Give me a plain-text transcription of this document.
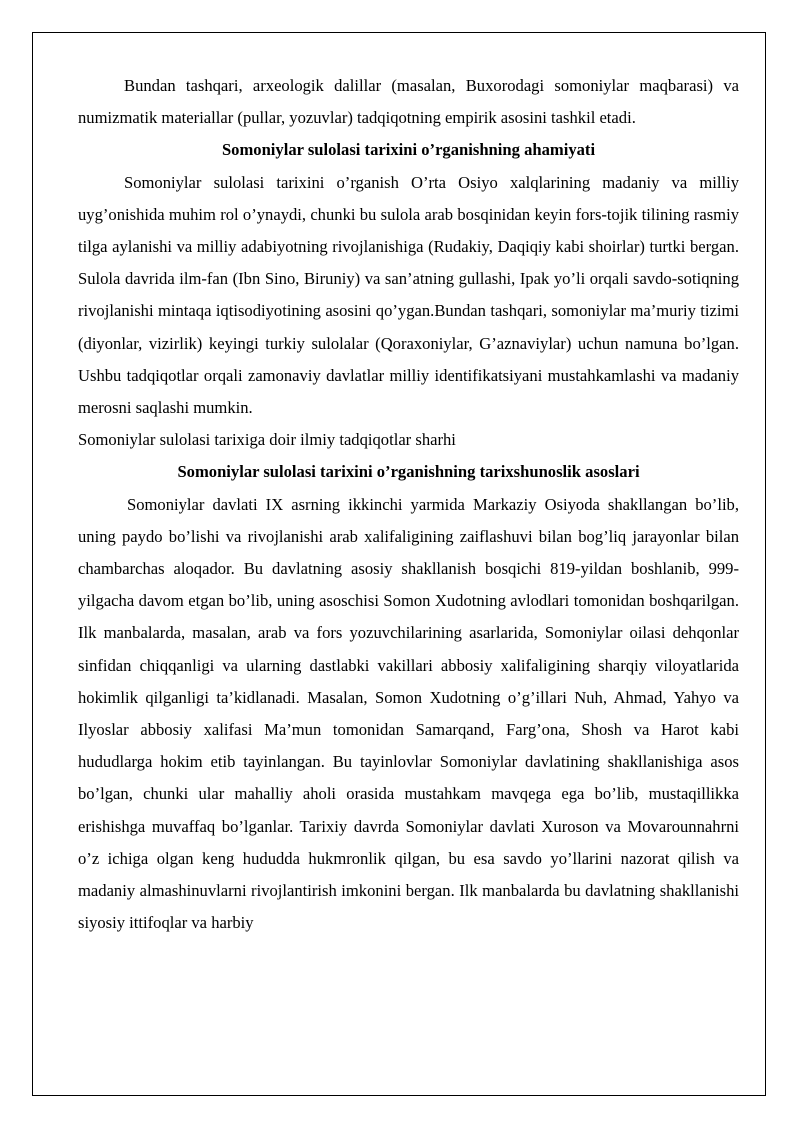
Bundan tashqari, arxeologik dalillar (masalan, Buxorodagi somoniylar maqbarasi) va numizmatik materiallar (pullar, yozuvlar) tadqiqotning empirik asosini tashkil etadi.

Somoniylar sulolasi tarixini o’rganishning ahamiyati

Somoniylar sulolasi tarixini o’rganish O’rta Osiyo xalqlarining madaniy va milliy uyg’onishida muhim rol o’ynaydi, chunki bu sulola arab bosqinidan keyin fors-tojik tilining rasmiy tilga aylanishi va milliy adabiyotning rivojlanishiga (Rudakiy, Daqiqiy kabi shoirlar) turtki bergan. Sulola davrida ilm-fan (Ibn Sino, Biruniy) va san’atning gullashi, Ipak yo’li orqali savdo-sotiqning rivojlanishi mintaqa iqtisodiyotining asosini qo’ygan.Bundan tashqari, somoniylar ma’muriy tizimi (diyonlar, vizirlik) keyingi turkiy sulolalar (Qoraxoniylar, G’aznaviylar) uchun namuna bo’lgan. Ushbu tadqiqotlar orqali zamonaviy davlatlar milliy identifikatsiyani mustahkamlashi va madaniy merosni saqlashi mumkin.

Somoniylar sulolasi tarixiga doir ilmiy tadqiqotlar sharhi

Somoniylar sulolasi tarixini o’rganishning tarixshunoslik asoslari

Somoniylar davlati IX asrning ikkinchi yarmida Markaziy Osiyoda shakllangan bo’lib, uning paydo bo’lishi va rivojlanishi arab xalifaligining zaiflashuvi bilan bog’liq jarayonlar bilan chambarchas aloqador. Bu davlatning asosiy shakllanish bosqichi 819-yildan boshlanib, 999-yilgacha davom etgan bo’lib, uning asoschisi Somon Xudotning avlodlari tomonidan boshqarilgan. Ilk manbalarda, masalan, arab va fors yozuvchilarining asarlarida, Somoniylar oilasi dehqonlar sinfidan chiqqanligi va ularning dastlabki vakillari abbosiy xalifaligining sharqiy viloyatlarida hokimlik qilganligi ta’kidlanadi. Masalan, Somon Xudotning o’g’illari Nuh, Ahmad, Yahyo va Ilyoslar abbosiy xalifasi Ma’mun tomonidan Samarqand, Farg’ona, Shosh va Harot kabi hududlarga hokim etib tayinlangan. Bu tayinlovlar Somoniylar davlatining shakllanishiga asos bo’lgan, chunki ular mahalliy aholi orasida mustahkam mavqega ega bo’lib, mustaqillikka erishishga muvaffaq bo’lganlar. Tarixiy davrda Somoniylar davlati Xuroson va Movarounnahrni o’z ichiga olgan keng hududda hukmronlik qilgan, bu esa savdo yo’llarini nazorat qilish va madaniy almashinuvlarni rivojlantirish imkonini bergan. Ilk manbalarda bu davlatning shakllanishi siyosiy ittifoqlar va harbiy
